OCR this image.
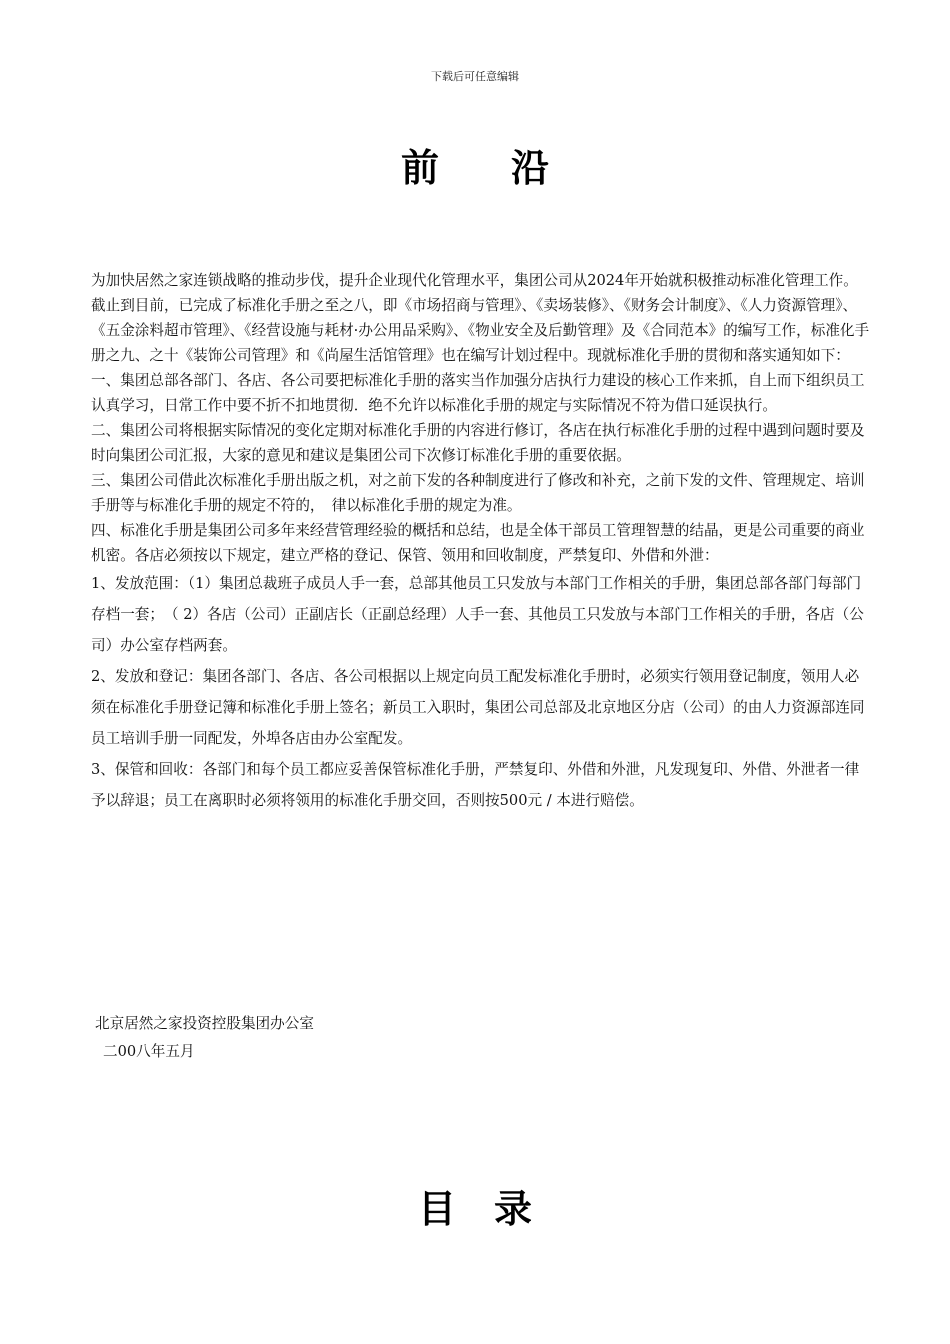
下载后可任意编辑
前沿

为加快居然之家连锁战略的推动步伐，提升企业现代化管理水平，集团公司从2024年开始就积极推动标准化管理工作。截止到目前，已完成了标准化手册之至之八，即《市场招商与管理》、《卖场装修》、《财务会计制度》、《人力资源管理》、《五金涂料超市管理》、《经营设施与耗材·办公用品采购》、《物业安全及后勤管理》及《合同范本》的编写工作，标准化手册之九、之十《装饰公司管理》和《尚屋生活馆管理》也在编写计划过程中。现就标准化手册的贯彻和落实通知如下：

一、集团总部各部门、各店、各公司要把标准化手册的落实当作加强分店执行力建设的核心工作来抓，自上而下组织员工认真学习，日常工作中要不折不扣地贯彻．绝不允许以标准化手册的规定与实际情况不符为借口延误执行。

二、集团公司将根据实际情况的变化定期对标准化手册的内容进行修订，各店在执行标准化手册的过程中遇到问题时要及时向集团公司汇报，大家的意见和建议是集团公司下次修订标准化手册的重要依据。

三、集团公司借此次标准化手册出版之机，对之前下发的各种制度进行了修改和补充，之前下发的文件、管理规定、培训手册等与标准化手册的规定不符的，　律以标准化手册的规定为准。

四、标准化手册是集团公司多年来经营管理经验的概括和总结，也是全体干部员工管理智慧的结晶，更是公司重要的商业机密。各店必须按以下规定，建立严格的登记、保管、领用和回收制度，严禁复印、外借和外泄：

1、发放范围：（1）集团总裁班子成员人手一套，总部其他员工只发放与本部门工作相关的手册，集团总部各部门每部门存档一套；　（ 2）各店（公司）正副店长（正副总经理）人手一套、其他员工只发放与本部门工作相关的手册，各店（公司）办公室存档两套。

2、发放和登记：集团各部门、各店、各公司根据以上规定向员工配发标准化手册时，必须实行领用登记制度，领用人必须在标准化手册登记簿和标准化手册上签名；新员工入职时，集团公司总部及北京地区分店（公司）的由人力资源部连同员工培训手册一同配发，外埠各店由办公室配发。

3、保管和回收：各部门和每个员工都应妥善保管标准化手册，严禁复印、外借和外泄，凡发现复印、外借、外泄者一律予以辞退；员工在离职时必须将领用的标准化手册交回，否则按500元 / 本进行赔偿。

北京居然之家投资控股集团办公室
二00八年五月
目录
